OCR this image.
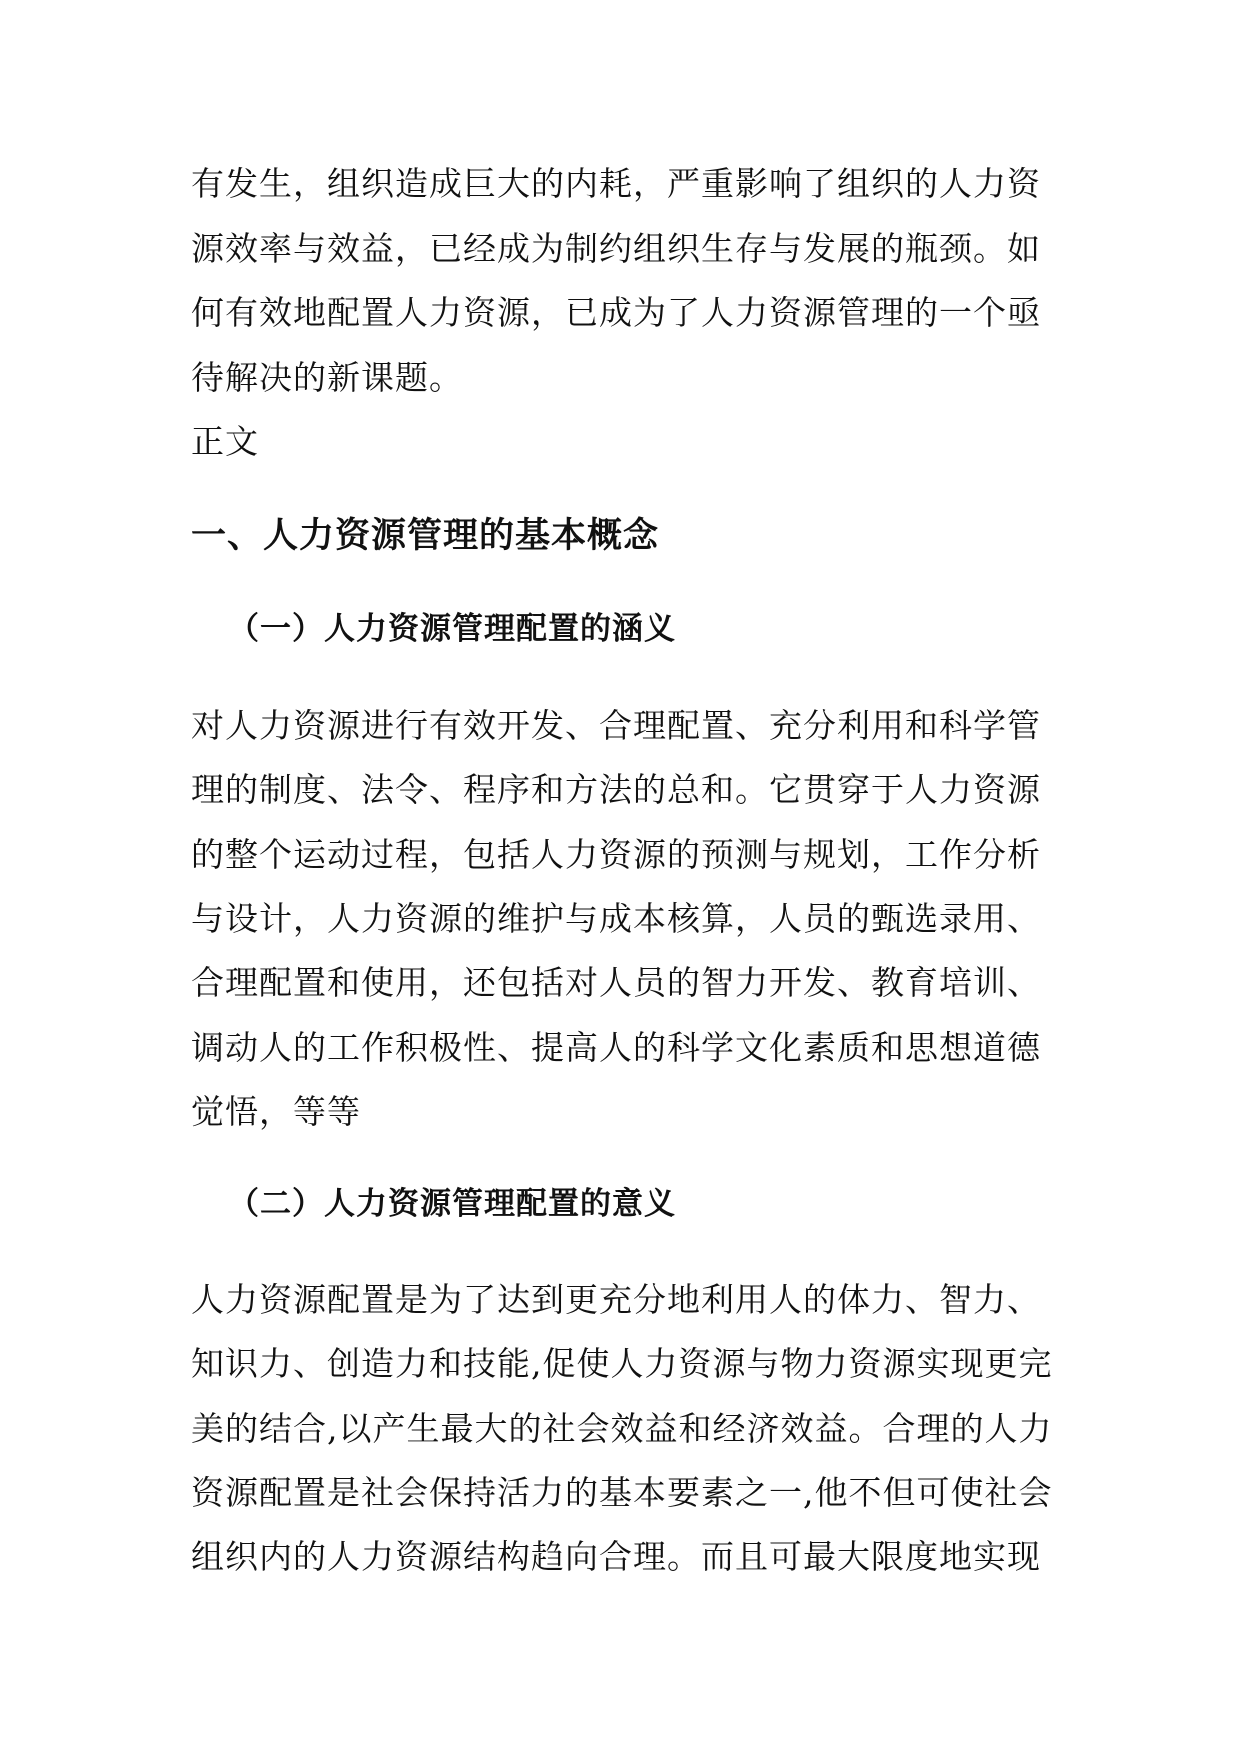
有发生，组织造成巨大的内耗，严重影响了组织的人力资
源效率与效益，已经成为制约组织生存与发展的瓶颈。如
何有效地配置人力资源，已成为了人力资源管理的一个亟
待解决的新课题。
正文
一、人力资源管理的基本概念
（一）人力资源管理配置的涵义
对人力资源进行有效开发、合理配置、充分利用和科学管
理的制度、法令、程序和方法的总和。它贯穿于人力资源
的整个运动过程，包括人力资源的预测与规划，工作分析
与设计，人力资源的维护与成本核算，人员的甄选录用、
合理配置和使用，还包括对人员的智力开发、教育培训、
调动人的工作积极性、提高人的科学文化素质和思想道德
觉悟，等等
（二）人力资源管理配置的意义
人力资源配置是为了达到更充分地利用人的体力、智力、
知识力、创造力和技能,促使人力资源与物力资源实现更完
美的结合,以产生最大的社会效益和经济效益。合理的人力
资源配置是社会保持活力的基本要素之一,他不但可使社会
组织内的人力资源结构趋向合理。而且可最大限度地实现
